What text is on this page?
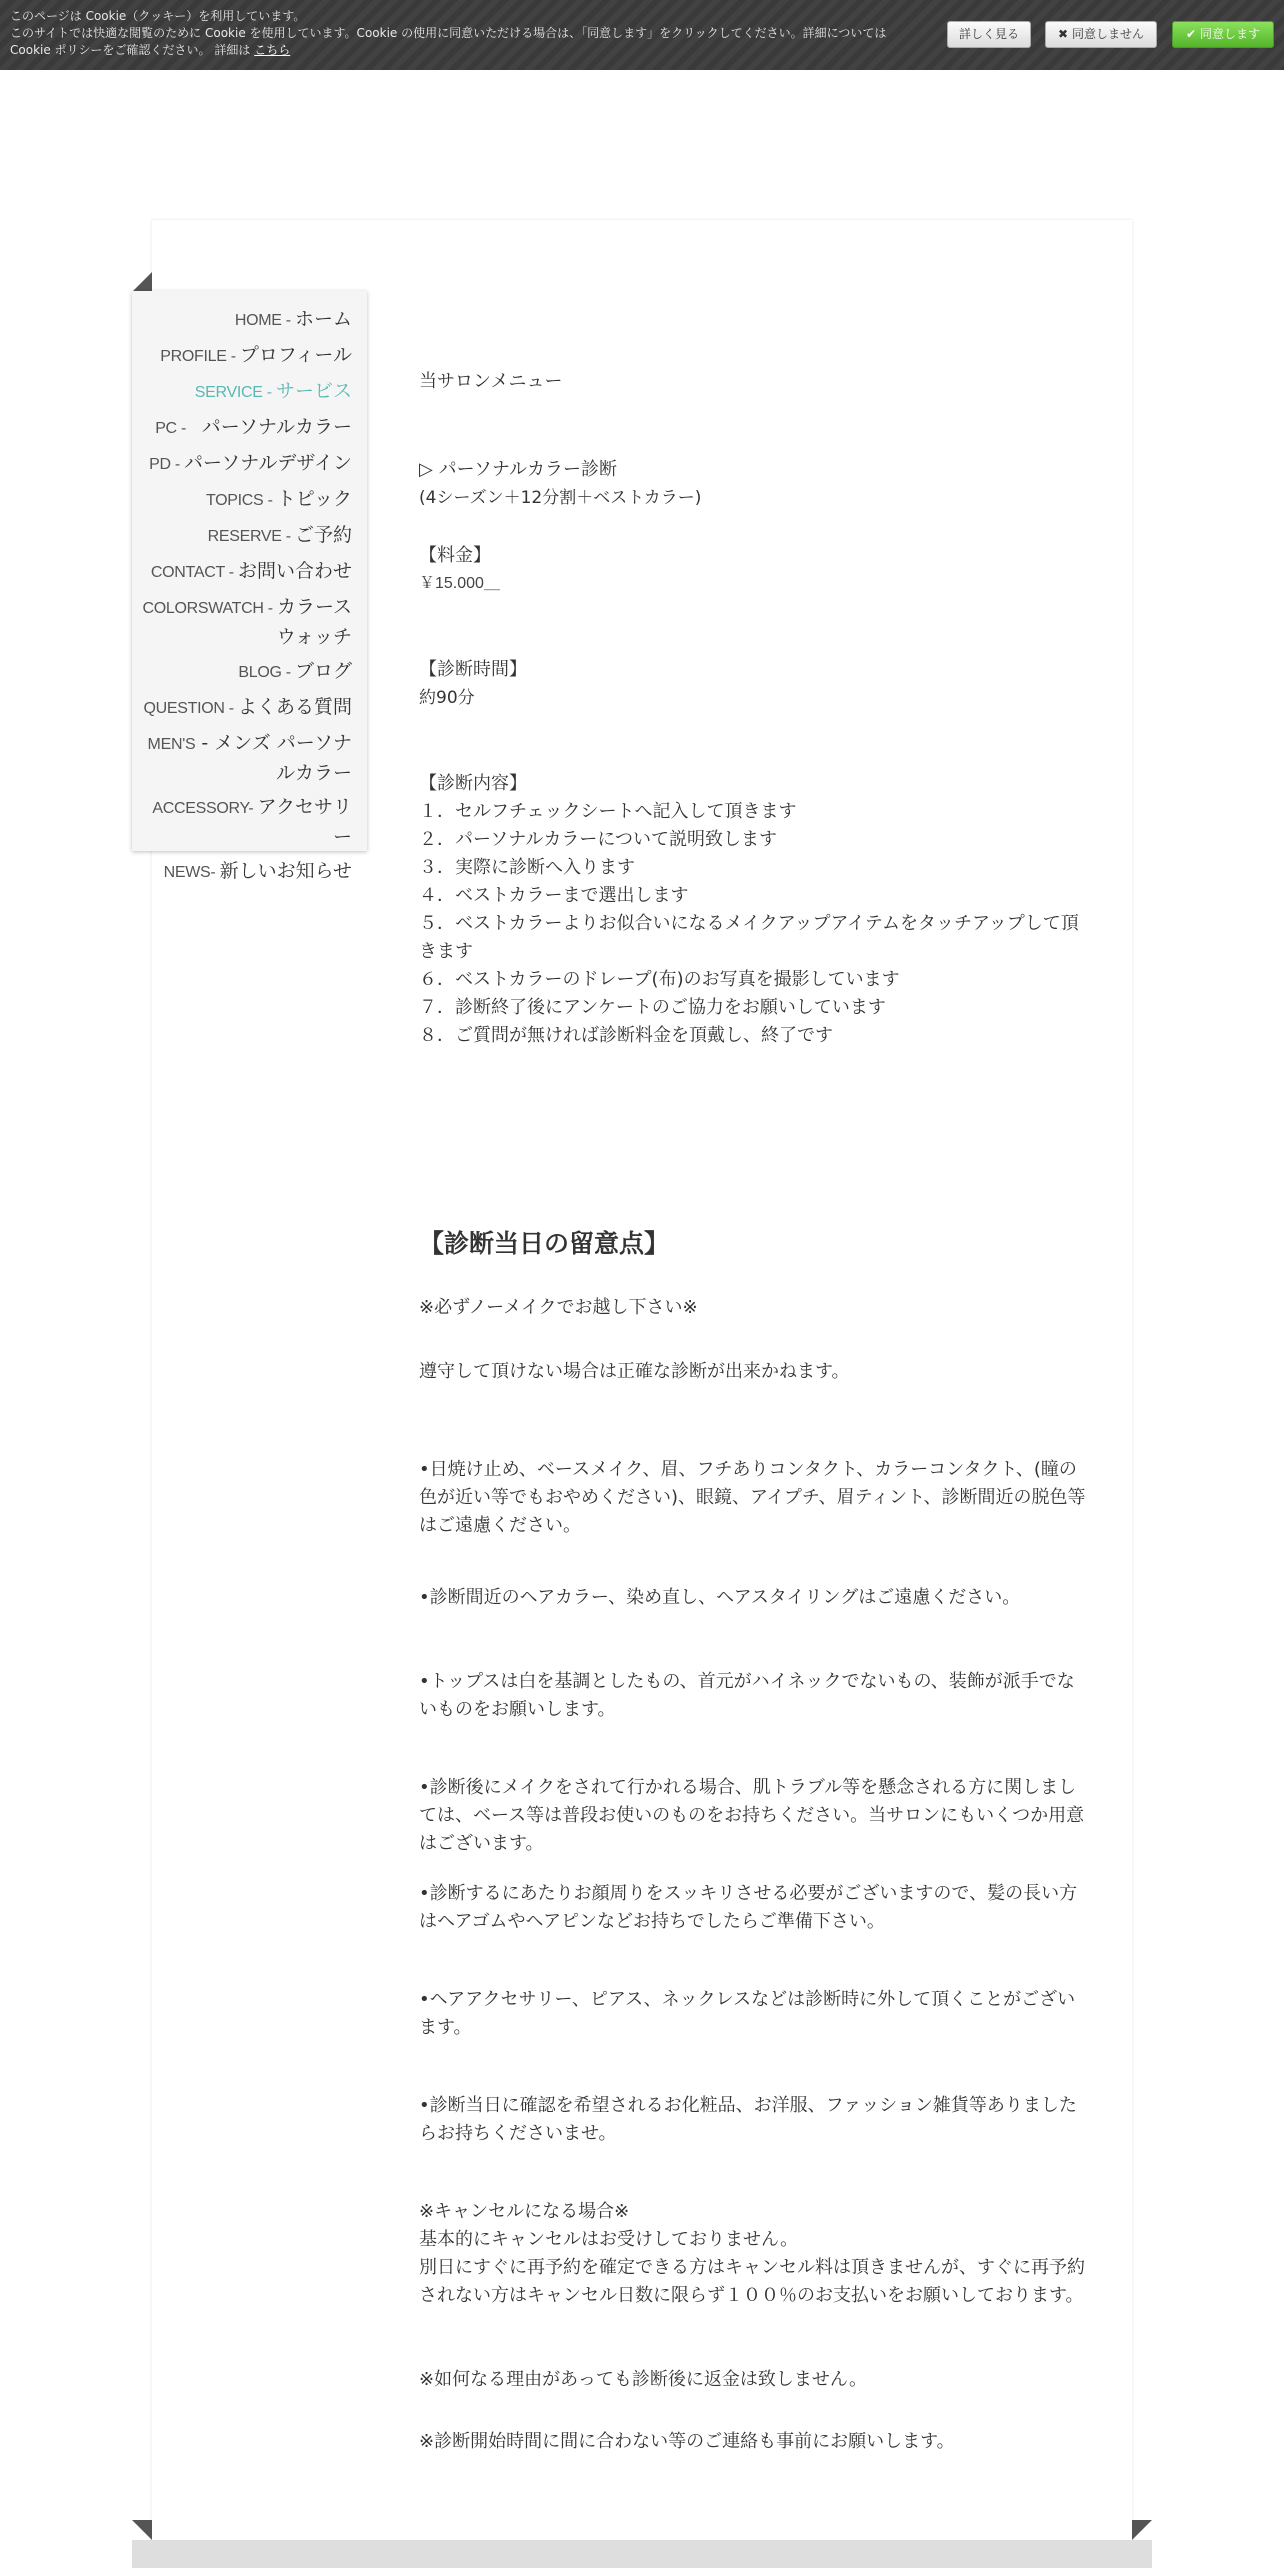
このページは Cookie（クッキー）を利用しています。
このサイトでは快適な閲覧のために Cookie を使用しています。Cookie の使用に同意いただける場合は、「同意します」をクリックしてください。詳細については Cookie ポリシーをご確認ください。 詳細は こちら
詳しく見る	✖ 同意しません	✔ 同意します
HOME - ホーム
PROFILE - プロフィール
SERVICE - サービス
PC -　パーソナルカラー
PD - パーソナルデザイン
TOPICS - トピック
RESERVE - ご予約
CONTACT - お問い合わせ
COLORSWATCH - カラースウォッチ
BLOG - ブログ
QUESTION - よくある質問
MEN'S - メンズ パーソナルカラー
ACCESSORY- アクセサリー
NEWS- 新しいお知らせ
当サロンメニュー
▷ パーソナルカラー診断
(4シーズン＋12分割＋ベストカラー)
【料金】
￥15.000＿
【診断時間】
約90分
【診断内容】

１．セルフチェックシートへ記入して頂きます

２．パーソナルカラーについて説明致します

３．実際に診断へ入ります

４．ベストカラーまで選出します

５．ベストカラーよりお似合いになるメイクアップアイテムをタッチアップして頂きます

６．ベストカラーのドレープ(布)のお写真を撮影しています

７．診断終了後にアンケートのご協力をお願いしています

８．ご質問が無ければ診断料金を頂戴し、終了です

【診断当日の留意点】
※必ずノーメイクでお越し下さい※
遵守して頂けない場合は正確な診断が出来かねます。
•日焼け止め、ベースメイク、眉、フチありコンタクト、カラーコンタクト、(瞳の色が近い等でもおやめください)、眼鏡、アイプチ、眉ティント、診断間近の脱色等はご遠慮ください。
•診断間近のヘアカラー、染め直し、ヘアスタイリングはご遠慮ください。
•トップスは白を基調としたもの、首元がハイネックでないもの、装飾が派手でないものをお願いします。
•診断後にメイクをされて行かれる場合、肌トラブル等を懸念される方に関しましては、ベース等は普段お使いのものをお持ちください。当サロンにもいくつか用意はございます。
•診断するにあたりお顔周りをスッキリさせる必要がございますので、髪の長い方はヘアゴムやヘアピンなどお持ちでしたらご準備下さい。
•ヘアアクセサリー、ピアス、ネックレスなどは診断時に外して頂くことがございます。
•診断当日に確認を希望されるお化粧品、お洋服、ファッション雑貨等ありましたらお持ちくださいませ。

※キャンセルになる場合※

基本的にキャンセルはお受けしておりません。

別日にすぐに再予約を確定できる方はキャンセル料は頂きませんが、すぐに再予約されない方はキャンセル日数に限らず１００％のお支払いをお願いしております。

※如何なる理由があっても診断後に返金は致しません。
※診断開始時間に間に合わない等のご連絡も事前にお願いします。
